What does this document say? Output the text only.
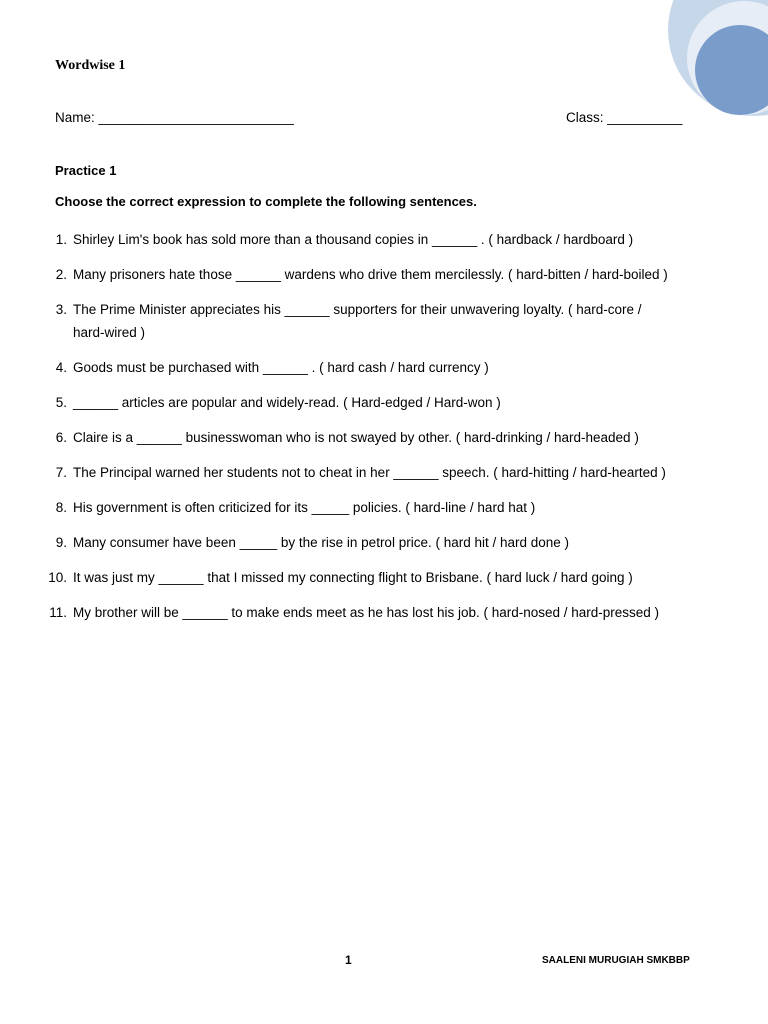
Wordwise 1
Name: __________________________	Class: __________
Practice 1
Choose the correct expression to complete the following sentences.
1. Shirley Lim's book has sold more than a thousand copies in ______ . ( hardback / hardboard )
2. Many prisoners hate those ______ wardens who drive them mercilessly. ( hard-bitten / hard-boiled )
3. The Prime Minister appreciates his ______ supporters for their unwavering loyalty. ( hard-core / hard-wired )
4. Goods must be purchased with ______ . ( hard cash / hard currency )
5. ______ articles are popular and widely-read. ( Hard-edged / Hard-won )
6. Claire is a ______ businesswoman who is not swayed by other. ( hard-drinking / hard-headed )
7. The Principal warned her students not to cheat in her ______ speech. ( hard-hitting / hard-hearted )
8. His government is often criticized for its _____ policies. ( hard-line / hard hat )
9. Many consumer have been _____ by the rise in petrol price. ( hard hit / hard done )
10. It was just my ______ that I missed my connecting flight to Brisbane. ( hard luck / hard going )
11. My brother will be ______ to make ends meet as he has lost his job. ( hard-nosed / hard-pressed )
1	SAALENI MURUGIAH SMKBBP
